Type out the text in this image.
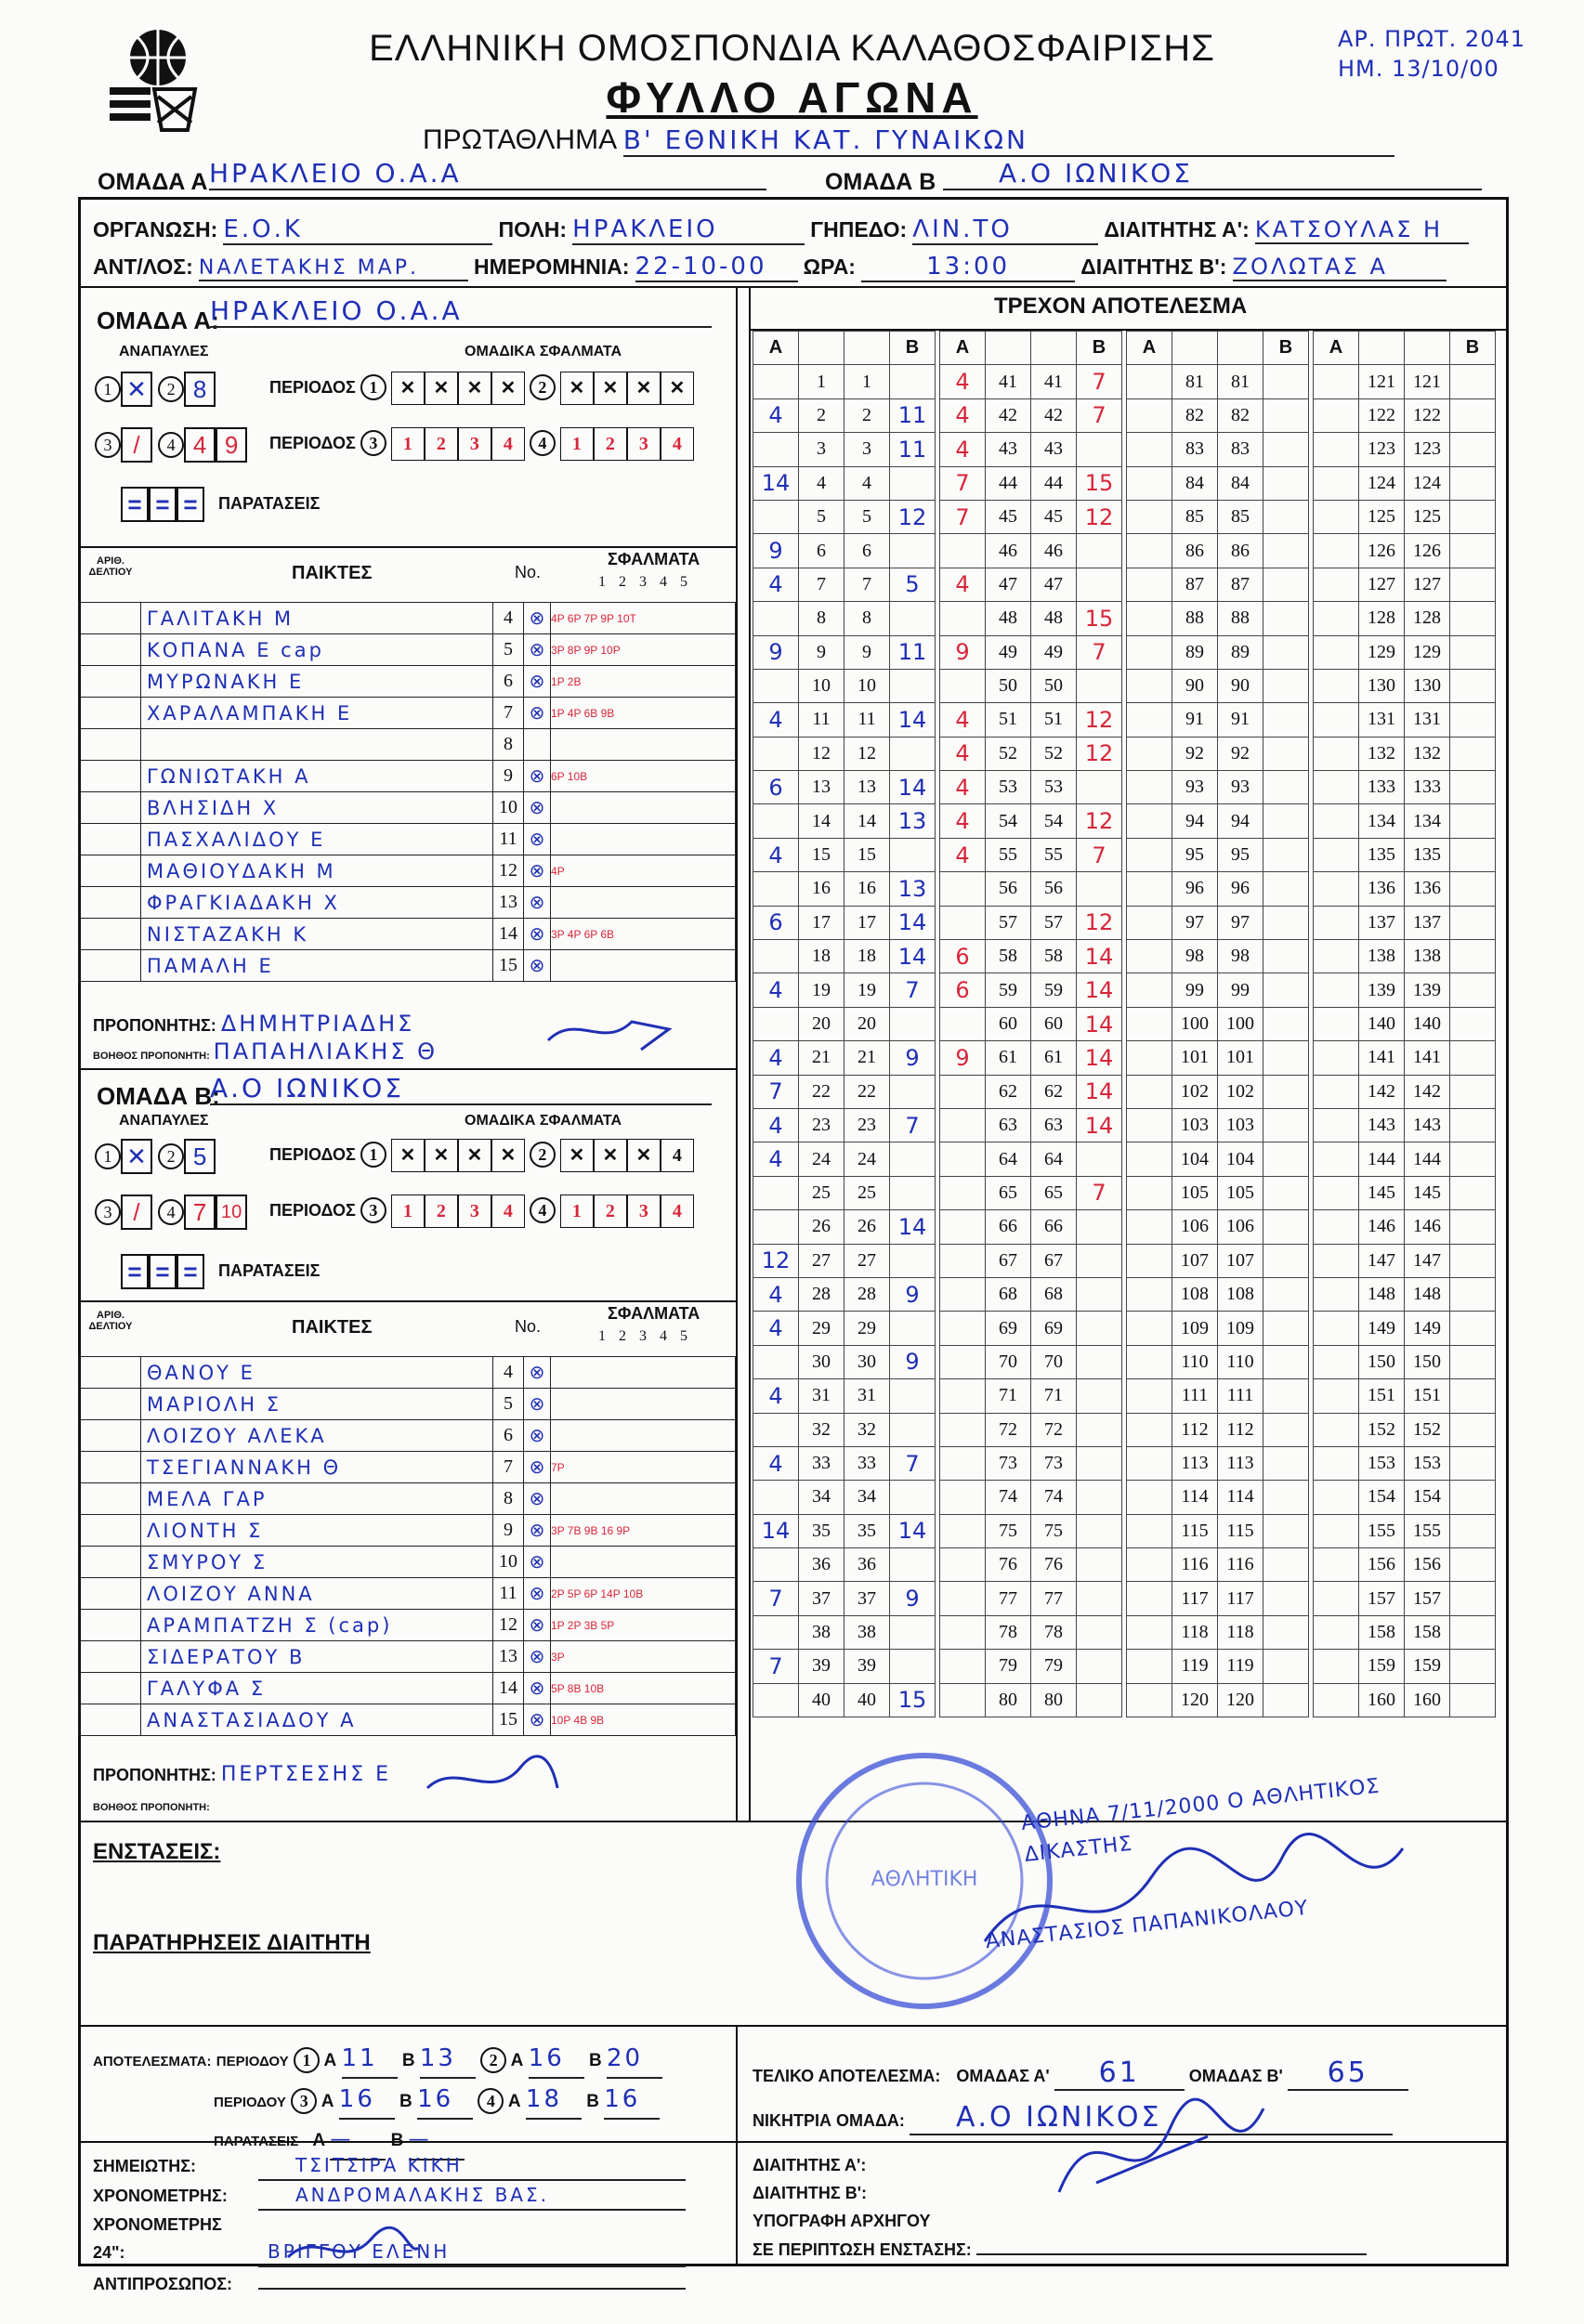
ΕΛΛΗΝΙΚΗ ΟΜΟΣΠΟΝΔΙΑ ΚΑΛΑΘΟΣΦΑΙΡΙΣΗΣ
ΦΥΛΛΟ ΑΓΩΝΑ
ΑΡ. ΠΡΩΤ. 2041
ΗΜ. 13/10/00
ΠΡΩΤΑΘΛΗΜΑ Β' ΕΘΝΙΚΗ ΚΑΤ. ΓΥΝΑΙΚΩΝ
ΟΜΑΔΑ Α ΗΡΑΚΛΕΙΟ Ο.Α.Α	ΟΜΑΔΑ Β	Α.Ο ΙΩΝΙΚΟΣ
ΟΡΓΑΝΩΣΗ: Ε.Ο.Κ	ΠΟΛΗ: ΗΡΑΚΛΕΙΟ	ΓΗΠΕΔΟ: ΛΙΝ.ΤΟ	ΔΙΑΙΤΗΤΗΣ Α': ΚΑΤΣΟΥΛΑΣ Η
ΑΝΤ/ΛΟΣ: ΝΑΛΕΤΑΚΗΣ ΜΑΡ.	ΗΜΕΡΟΜΗΝΙΑ: 22-10-00 ΩΡΑ:	13:00	ΔΙΑΙΤΗΤΗΣ Β': ΖΟΛΩΤΑΣ Α
ΟΜΑΔΑ Α:
ΗΡΑΚΛΕΙΟ Ο.Α.Α
ΑΝΑΠΑΥΛΕΣ	ΟΜΑΔΙΚΑ ΣΦΑΛΜΑΤΑ
1 ✕ 2 8	ΠΕΡΙΟΔΟΣ 1 ✕ ✕ ✕ ✕ 2 ✕ ✕ ✕ ✕
3 / 4 4 9	ΠΕΡΙΟΔΟΣ 3 1 2 3 4 4 1 2 3 4
= = = ΠΑΡΑΤΑΣΕΙΣ
ΑΡΙΘ. ΔΕΛΤΙΟΥ	ΠΑΙΚΤΕΣ	No.
ΣΦΑΛΜΑΤΑ
12345
	ΓΑΛΙΤΑΚΗ Μ	4	⊗	4P 6P 7P 9P 10T
	ΚΟΠΑΝΑ Ε cap	5	⊗	3P 8P 9P 10P
	ΜΥΡΩΝΑΚΗ Ε	6	⊗	1P 2B
	ΧΑΡΑΛΑΜΠΑΚΗ Ε	7	⊗	1P 4P 6B 9B
		8		
	ΓΩΝΙΩΤΑΚΗ Α	9	⊗	6P 10B
	ΒΛΗΣΙΔΗ Χ	10	⊗	
	ΠΑΣΧΑΛΙΔΟΥ Ε	11	⊗	
	ΜΑΘΙΟΥΔΑΚΗ Μ	12	⊗	4P
	ΦΡΑΓΚΙΑΔΑΚΗ Χ	13	⊗	
	ΝΙΣΤΑΖΑΚΗ Κ	14	⊗	3P 4P 6P 6B
	ΠΑΜΑΛΗ Ε	15	⊗	
ΠΡΟΠΟΝΗΤΗΣ: ΔΗΜΗΤΡΙΑΔΗΣ
ΒΟΗΘΟΣ ΠΡΟΠΟΝΗΤΗ: ΠΑΠΑΗΛΙΑΚΗΣ Θ
ΟΜΑΔΑ Β:
Α.Ο ΙΩΝΙΚΟΣ
ΑΝΑΠΑΥΛΕΣ	ΟΜΑΔΙΚΑ ΣΦΑΛΜΑΤΑ
1 ✕ 2 5	ΠΕΡΙΟΔΟΣ 1 ✕ ✕ ✕ ✕ 2 ✕ ✕ ✕ 4
3 / 4 7 10	ΠΕΡΙΟΔΟΣ 3 1 2 3 4 4 1 2 3 4
= = = ΠΑΡΑΤΑΣΕΙΣ
ΑΡΙΘ. ΔΕΛΤΙΟΥ	ΠΑΙΚΤΕΣ	No.
ΣΦΑΛΜΑΤΑ
12345
	ΘΑΝΟΥ Ε	4	⊗	
	ΜΑΡΙΟΛΗ Σ	5	⊗	
	ΛΟΙΖΟΥ ΑΛΕΚΑ	6	⊗	
	ΤΣΕΓΙΑΝΝΑΚΗ Θ	7	⊗	7P
	ΜΕΛΑ ΓΑΡ	8	⊗	
	ΛΙΟΝΤΗ Σ	9	⊗	3P 7B 9B 16 9P
	ΣΜΥΡΟΥ Σ	10	⊗	
	ΛΟΙΖΟΥ ΑΝΝΑ	11	⊗	2P 5P 6P 14P 10B
	ΑΡΑΜΠΑΤΖΗ Σ (cap)	12	⊗	1P 2P 3B 5P
	ΣΙΔΕΡΑΤΟΥ Β	13	⊗	3P
	ΓΑΛΥΦΑ Σ	14	⊗	5P 8B 10B
	ΑΝΑΣΤΑΣΙΑΔΟΥ Α	15	⊗	10P 4B 9B
ΠΡΟΠΟΝΗΤΗΣ: ΠΕΡΤΣΕΣΗΣ Ε
ΒΟΗΘΟΣ ΠΡΟΠΟΝΗΤΗ:
ΤΡΕΧΟΝ ΑΠΟΤΕΛΕΣΜΑ
Α			Β
	1	1	
4	2	2	11
	3	3	11
14	4	4	
	5	5	12
9	6	6	
4	7	7	5
	8	8	
9	9	9	11
	10	10	
4	11	11	14
	12	12	
6	13	13	14
	14	14	13
4	15	15	
	16	16	13
6	17	17	14
	18	18	14
4	19	19	7
	20	20	
4	21	21	9
7	22	22	
4	23	23	7
4	24	24	
	25	25	
	26	26	14
12	27	27	
4	28	28	9
4	29	29	
	30	30	9
4	31	31	
	32	32	
4	33	33	7
	34	34	
14	35	35	14
	36	36	
7	37	37	9
	38	38	
7	39	39	
	40	40	15
Α			Β
4	41	41	7
4	42	42	7
4	43	43	
7	44	44	15
7	45	45	12
	46	46	
4	47	47	
	48	48	15
9	49	49	7
	50	50	
4	51	51	12
4	52	52	12
4	53	53	
4	54	54	12
4	55	55	7
	56	56	
	57	57	12
6	58	58	14
6	59	59	14
	60	60	14
9	61	61	14
	62	62	14
	63	63	14
	64	64	
	65	65	7
	66	66	
	67	67	
	68	68	
	69	69	
	70	70	
	71	71	
	72	72	
	73	73	
	74	74	
	75	75	
	76	76	
	77	77	
	78	78	
	79	79	
	80	80	
Α			Β
	81	81	
	82	82	
	83	83	
	84	84	
	85	85	
	86	86	
	87	87	
	88	88	
	89	89	
	90	90	
	91	91	
	92	92	
	93	93	
	94	94	
	95	95	
	96	96	
	97	97	
	98	98	
	99	99	
	100	100	
	101	101	
	102	102	
	103	103	
	104	104	
	105	105	
	106	106	
	107	107	
	108	108	
	109	109	
	110	110	
	111	111	
	112	112	
	113	113	
	114	114	
	115	115	
	116	116	
	117	117	
	118	118	
	119	119	
	120	120	
Α			Β
	121	121	
	122	122	
	123	123	
	124	124	
	125	125	
	126	126	
	127	127	
	128	128	
	129	129	
	130	130	
	131	131	
	132	132	
	133	133	
	134	134	
	135	135	
	136	136	
	137	137	
	138	138	
	139	139	
	140	140	
	141	141	
	142	142	
	143	143	
	144	144	
	145	145	
	146	146	
	147	147	
	148	148	
	149	149	
	150	150	
	151	151	
	152	152	
	153	153	
	154	154	
	155	155	
	156	156	
	157	157	
	158	158	
	159	159	
	160	160	
ΕΝΣΤΑΣΕΙΣ:
ΠΑΡΑΤΗΡΗΣΕΙΣ ΔΙΑΙΤΗΤΗ
ΑΘΛΗΤΙΚΗ
ΑΘΗΝΑ 7/11/2000 Ο ΑΘΛΗΤΙΚΟΣ ΔΙΚΑΣΤΗΣ
ΑΝΑΣΤΑΣΙΟΣ ΠΑΠΑΝΙΚΟΛΑΟΥ
ΑΠΟΤΕΛΕΣΜΑΤΑ: ΠΕΡΙΟΔΟΥ 1 Α 11 Β 13 2 Α 16 Β 20
ΠΕΡΙΟΔΟΥ 3 Α 16 Β 16 4 Α 18 Β 16
ΠΑΡΑΤΑΣΕΙΣ   Α — Β —
ΤΕΛΙΚΟ ΑΠΟΤΕΛΕΣΜΑ: ΟΜΑΔΑΣ Α' 61	ΟΜΑΔΑΣ Β' 65
ΝΙΚΗΤΡΙΑ ΟΜΑΔΑ: Α.Ο ΙΩΝΙΚΟΣ
ΣΗΜΕΙΩΤΗΣ:	ΤΣΙΤΣΙΡΑ ΚΙΚΗ
ΧΡΟΝΟΜΕΤΡΗΣ:	ΑΝΔΡΟΜΑΛΑΚΗΣ ΒΑΣ.
ΧΡΟΝΟΜΕΤΡΗΣ 24":	ΒΡΙΓΓΟΥ ΕΛΕΝΗ
ΑΝΤΙΠΡΟΣΩΠΟΣ:
ΔΙΑΙΤΗΤΗΣ Α':
ΔΙΑΙΤΗΤΗΣ Β':
ΥΠΟΓΡΑΦΗ ΑΡΧΗΓΟΥ
ΣΕ ΠΕΡΙΠΤΩΣΗ ΕΝΣΤΑΣΗΣ:
